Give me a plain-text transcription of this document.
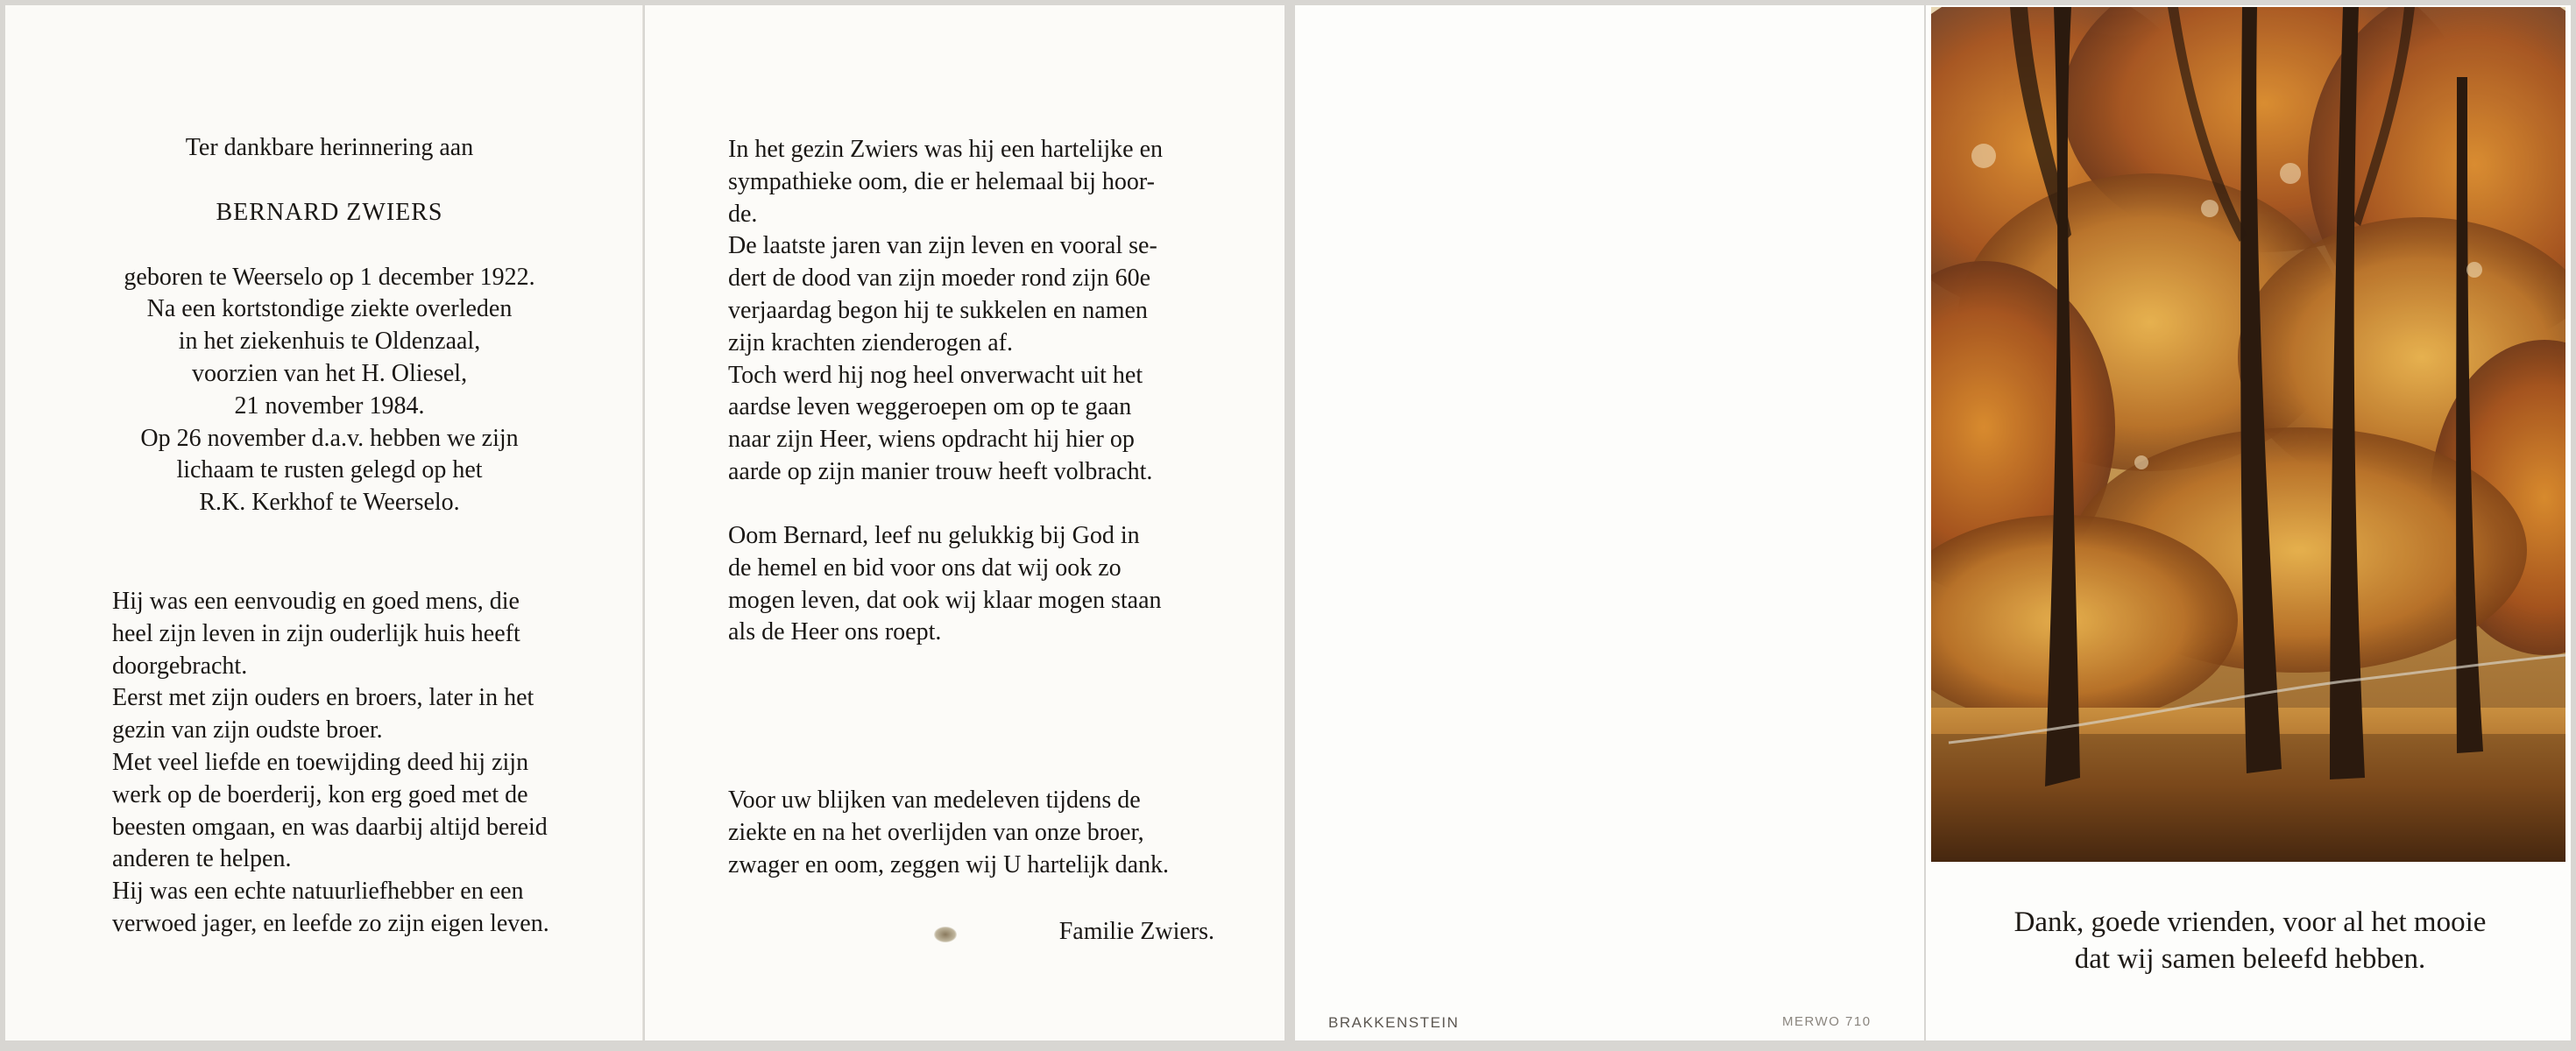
Ter dankbare herinnering aan

BERNARD ZWIERS

geboren te Weerselo op 1 december 1922.

Na een kortstondige ziekte overleden

in het ziekenhuis te Oldenzaal,

voorzien van het H. Oliesel,

21 november 1984.

Op 26 november d.a.v. hebben we zijn

lichaam te rusten gelegd op het

R.K. Kerkhof te Weerselo.

Hij was een eenvoudig en goed mens, die

heel zijn leven in zijn ouderlijk huis heeft

doorgebracht.

Eerst met zijn ouders en broers, later in het

gezin van zijn oudste broer.

Met veel liefde en toewijding deed hij zijn

werk op de boerderij, kon erg goed met de

beesten omgaan, en was daarbij altijd bereid

anderen te helpen.

Hij was een echte natuurliefhebber en een

verwoed jager, en leefde zo zijn eigen leven.

In het gezin Zwiers was hij een hartelijke en

sympathieke oom, die er helemaal bij hoor-

de.

De laatste jaren van zijn leven en vooral se-

dert de dood van zijn moeder rond zijn 60e

verjaardag begon hij te sukkelen en namen

zijn krachten zienderogen af.

Toch werd hij nog heel onverwacht uit het

aardse leven weggeroepen om op te gaan

naar zijn Heer, wiens opdracht hij hier op

aarde op zijn manier trouw heeft volbracht.

Oom Bernard, leef nu gelukkig bij God in

de hemel en bid voor ons dat wij ook zo

mogen leven, dat ook wij klaar mogen staan

als de Heer ons roept.

Voor uw blijken van medeleven tijdens de

ziekte en na het overlijden van onze broer,

zwager en oom, zeggen wij U hartelijk dank.

Familie Zwiers.

BRAKKENSTEIN	MERWO 710

Dank, goede vrienden, voor al het mooie

dat wij samen beleefd hebben.
